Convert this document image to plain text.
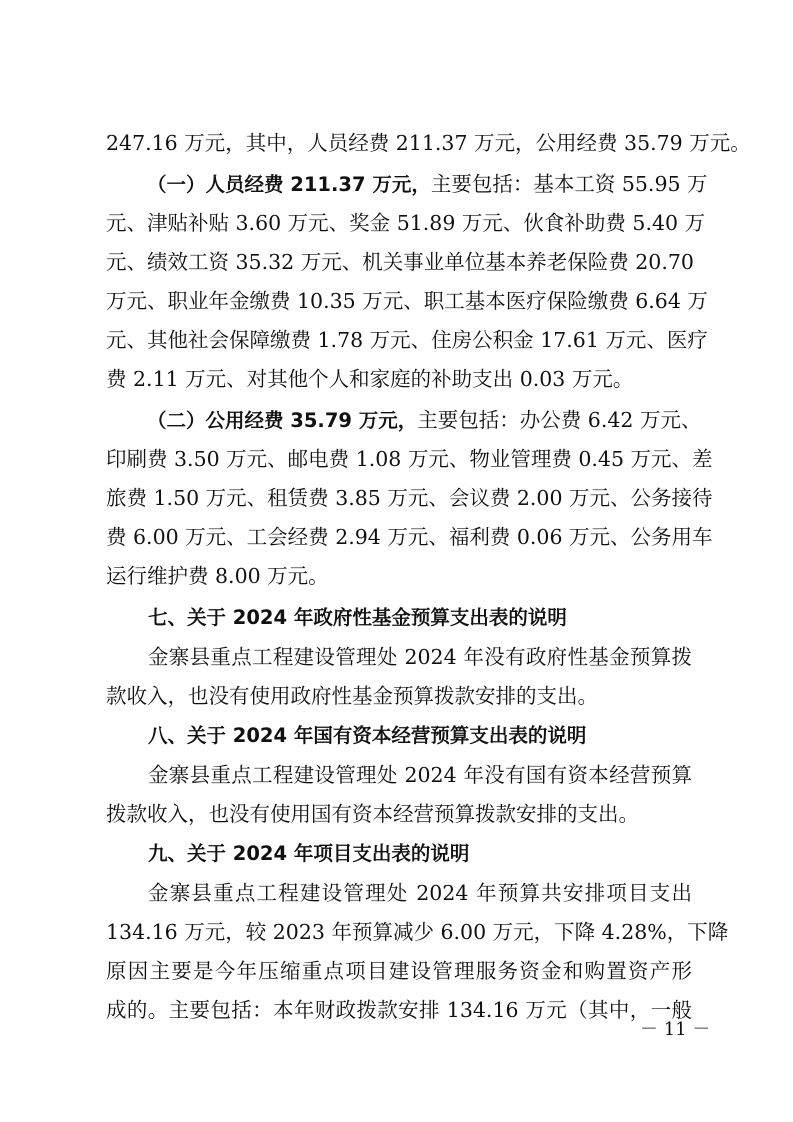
247.16 万元，其中，人员经费 211.37 万元，公用经费 35.79 万元。
  （一）人员经费 211.37 万元，主要包括：基本工资 55.95 万
元、津贴补贴 3.60 万元、奖金 51.89 万元、伙食补助费 5.40 万
元、绩效工资 35.32 万元、机关事业单位基本养老保险费 20.70
万元、职业年金缴费 10.35 万元、职工基本医疗保险缴费 6.64 万
元、其他社会保障缴费 1.78 万元、住房公积金 17.61 万元、医疗
费 2.11 万元、对其他个人和家庭的补助支出 0.03 万元。
  （二）公用经费 35.79 万元，主要包括：办公费 6.42 万元、
印刷费 3.50 万元、邮电费 1.08 万元、物业管理费 0.45 万元、差
旅费 1.50 万元、租赁费 3.85 万元、会议费 2.00 万元、公务接待
费 6.00 万元、工会经费 2.94 万元、福利费 0.06 万元、公务用车
运行维护费 8.00 万元。
七、关于 2024 年政府性基金预算支出表的说明
金寨县重点工程建设管理处 2024 年没有政府性基金预算拨
款收入，也没有使用政府性基金预算拨款安排的支出。
八、关于 2024 年国有资本经营预算支出表的说明
金寨县重点工程建设管理处 2024 年没有国有资本经营预算
拨款收入，也没有使用国有资本经营预算拨款安排的支出。
九、关于 2024 年项目支出表的说明
金寨县重点工程建设管理处 2024 年预算共安排项目支出
134.16 万元，较 2023 年预算减少 6.00 万元，下降 4.28%，下降
原因主要是今年压缩重点项目建设管理服务资金和购置资产形
成的。主要包括：本年财政拨款安排 134.16 万元（其中，一般
－ 11 －
